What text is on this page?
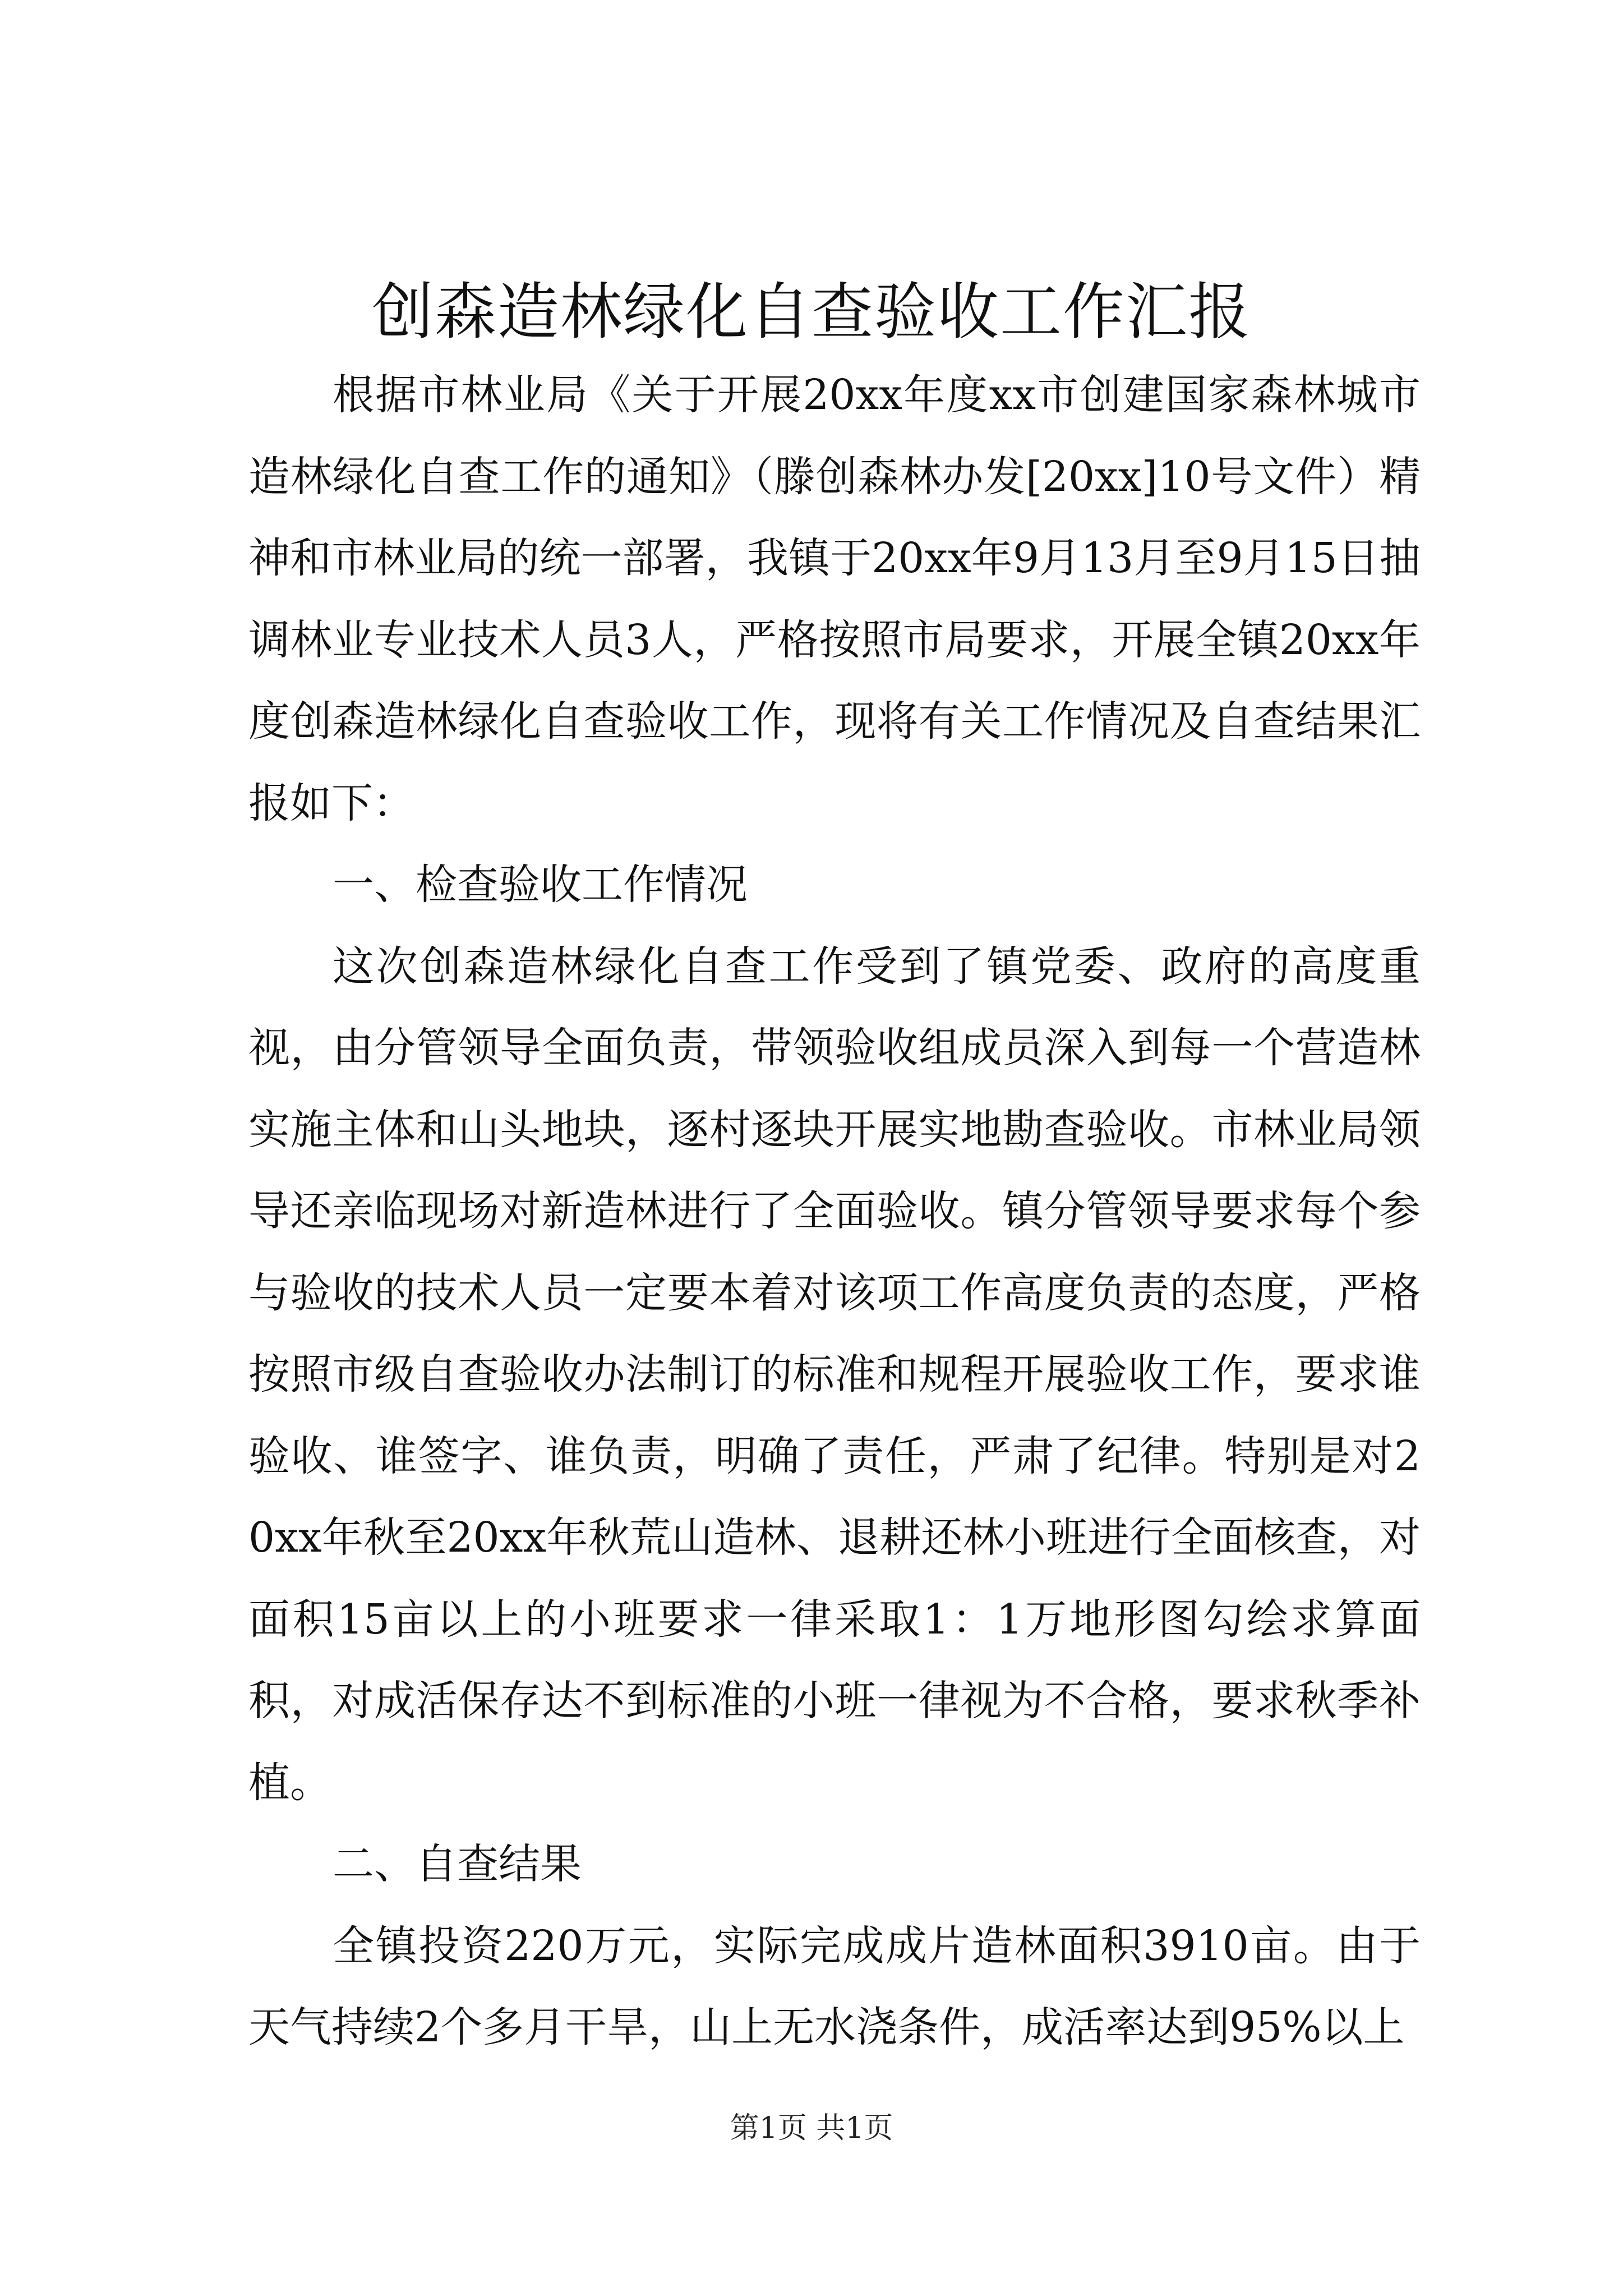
创森造林绿化自查验收工作汇报

根据市林业局《关于开展20xx年度xx市创建国家森林城市造林绿化自查工作的通知》（滕创森林办发[20xx]10号文件）精神和市林业局的统一部署，我镇于20xx年9月13月至9月15日抽调林业专业技术人员3人，严格按照市局要求，开展全镇20xx年度创森造林绿化自查验收工作，现将有关工作情况及自查结果汇报如下：

一、检查验收工作情况

这次创森造林绿化自查工作受到了镇党委、政府的高度重视，由分管领导全面负责，带领验收组成员深入到每一个营造林实施主体和山头地块，逐村逐块开展实地勘查验收。市林业局领导还亲临现场对新造林进行了全面验收。镇分管领导要求每个参与验收的技术人员一定要本着对该项工作高度负责的态度，严格按照市级自查验收办法制订的标准和规程开展验收工作，要求谁验收、谁签字、谁负责，明确了责任，严肃了纪律。特别是对20xx年秋至20xx年秋荒山造林、退耕还林小班进行全面核查，对面积15亩以上的小班要求一律采取1：1万地形图勾绘求算面积，对成活保存达不到标准的小班一律视为不合格，要求秋季补植。

二、自查结果

全镇投资220万元，实际完成成片造林面积3910亩。由于天气持续2个多月干旱，山上无水浇条件，成活率达到95%以上

第1页 共1页
